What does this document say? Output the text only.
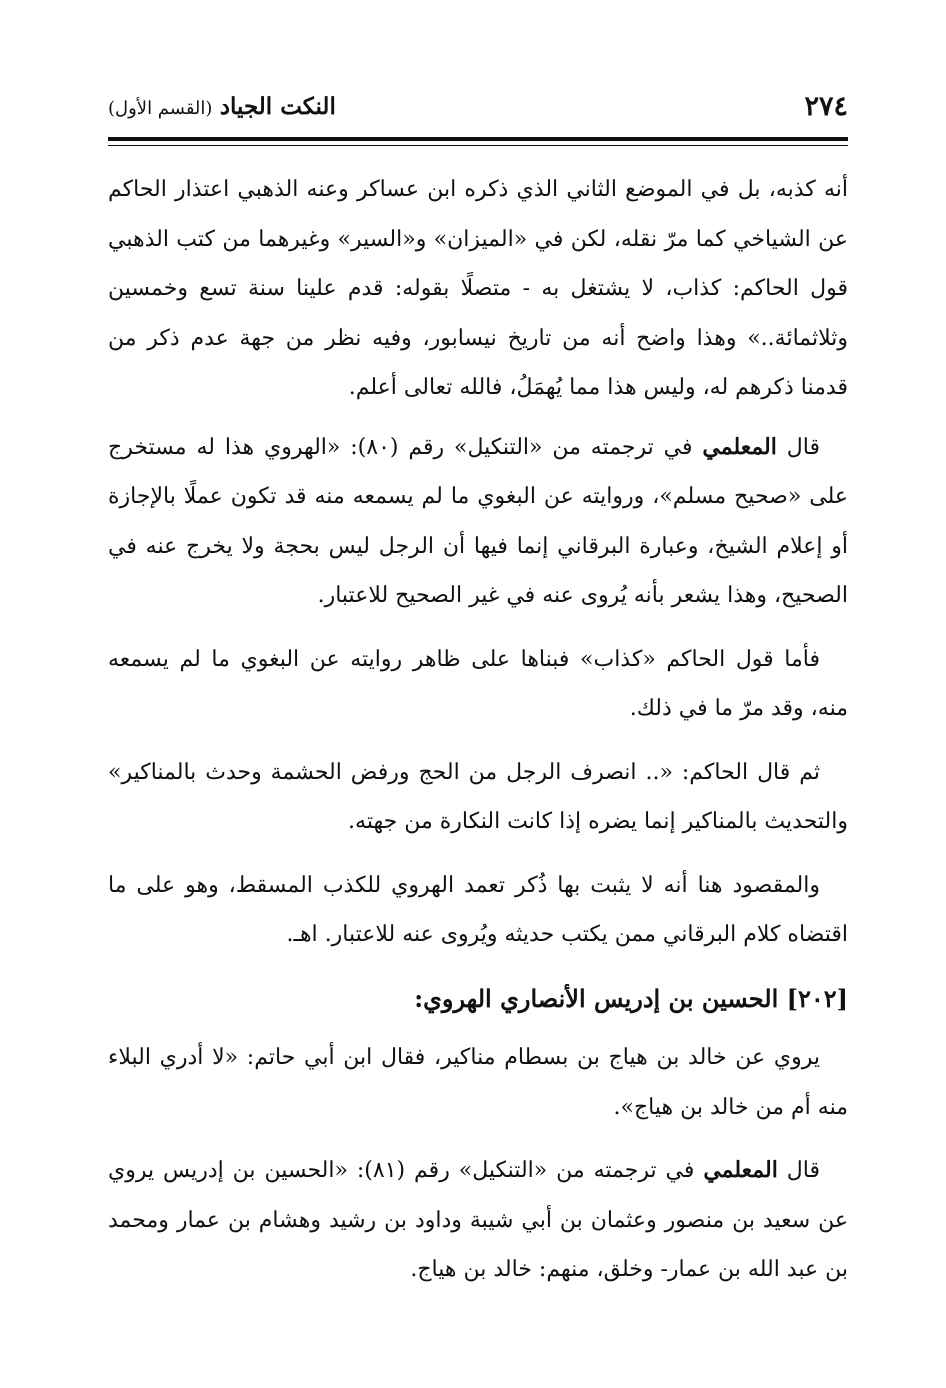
٢٧٤
(القسم الأول) النكت الجياد

أنه كذبه، بل في الموضع الثاني الذي ذكره ابن عساكر وعنه الذهبي اعتذار الحاكم عن الشياخي كما مرّ نقله، لكن في «الميزان» و«السير» وغيرهما من كتب الذهبي قول الحاكم: كذاب، لا يشتغل به - متصلًا بقوله: قدم علينا سنة تسع وخمسين وثلاثمائة..» وهذا واضح أنه من تاريخ نيسابور، وفيه نظر من جهة عدم ذكر من قدمنا ذكرهم له، وليس هذا مما يُهمَلُ، فالله تعالى أعلم.

قال المعلمي في ترجمته من «التنكيل» رقم (٨٠): «الهروي هذا له مستخرج على «صحيح مسلم»، وروايته عن البغوي ما لم يسمعه منه قد تكون عملًا بالإجازة أو إعلام الشيخ، وعبارة البرقاني إنما فيها أن الرجل ليس بحجة ولا يخرج عنه في الصحيح، وهذا يشعر بأنه يُروى عنه في غير الصحيح للاعتبار.

فأما قول الحاكم «كذاب» فبناها على ظاهر روايته عن البغوي ما لم يسمعه منه، وقد مرّ ما في ذلك.

ثم قال الحاكم: «.. انصرف الرجل من الحج ورفض الحشمة وحدث بالمناكير» والتحديث بالمناكير إنما يضره إذا كانت النكارة من جهته.

والمقصود هنا أنه لا يثبت بها ذُكر تعمد الهروي للكذب المسقط، وهو على ما اقتضاه كلام البرقاني ممن يكتب حديثه ويُروى عنه للاعتبار. اهـ.

[٢٠٢] الحسين بن إدريس الأنصاري الهروي:

يروي عن خالد بن هياج بن بسطام مناكير، فقال ابن أبي حاتم: «لا أدري البلاء منه أم من خالد بن هياج».

قال المعلمي في ترجمته من «التنكيل» رقم (٨١): «الحسين بن إدريس يروي عن سعيد بن منصور وعثمان بن أبي شيبة وداود بن رشيد وهشام بن عمار ومحمد بن عبد الله بن عمار- وخلق، منهم: خالد بن هياج.
